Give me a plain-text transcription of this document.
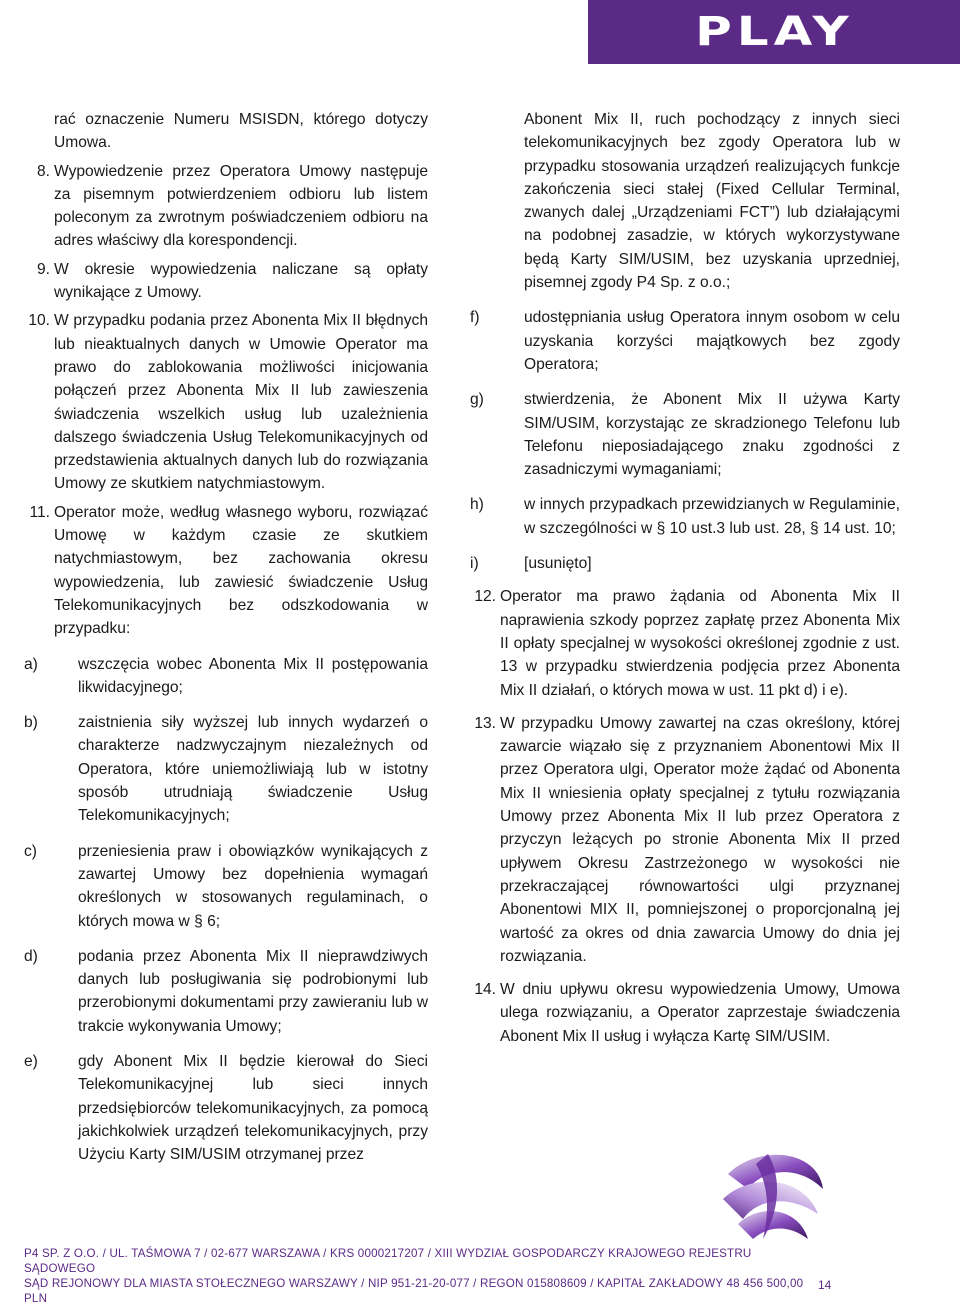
PLAY

rać oznaczenie Numeru MSISDN, którego dotyczy Umowa.

8. Wypowiedzenie przez Operatora Umowy następuje za pisemnym potwierdzeniem odbioru lub listem poleconym za zwrotnym poświadczeniem odbioru na adres właściwy dla korespondencji.
9. W okresie wypowiedzenia naliczane są opłaty wynikające z Umowy.
10. W przypadku podania przez Abonenta Mix II błędnych lub nieaktualnych danych w Umowie Operator ma prawo do zablokowania możliwości inicjowania połączeń przez Abonenta Mix II lub zawieszenia świadczenia wszelkich usług lub uzależnienia dalszego świadczenia Usług Telekomunikacyjnych od przedstawienia aktualnych danych lub do rozwiązania Umowy ze skutkiem natychmiastowym.
11. Operator może, według własnego wyboru, rozwiązać Umowę w każdym czasie ze skutkiem natychmiastowym, bez zachowania okresu wypowiedzenia, lub zawiesić świadczenie Usług Telekomunikacyjnych bez odszkodowania w przypadku:
a)	wszczęcia wobec Abonenta Mix II postępowania likwidacyjnego;
b)	zaistnienia siły wyższej lub innych wydarzeń o charakterze nadzwyczajnym niezależnych od Operatora, które uniemożliwiają lub w istotny sposób utrudniają świadczenie Usług Telekomunikacyjnych;
c)	przeniesienia praw i obowiązków wynikających z zawartej Umowy bez dopełnienia wymagań określonych w stosowanych regulaminach, o których mowa w § 6;
d)	podania przez Abonenta Mix II nieprawdziwych danych lub posługiwania się podrobionymi lub przerobionymi dokumentami przy zawieraniu lub w trakcie wykonywania Umowy;
e)	gdy Abonent Mix II będzie kierował do Sieci Telekomunikacyjnej lub sieci innych przedsiębiorców telekomunikacyjnych, za pomocą jakichkolwiek urządzeń telekomunikacyjnych, przy Użyciu Karty SIM/USIM otrzymanej przez

Abonent Mix II, ruch pochodzący z innych sieci telekomunikacyjnych bez zgody Operatora lub w przypadku stosowania urządzeń realizujących funkcje zakończenia sieci stałej (Fixed Cellular Terminal, zwanych dalej „Urządzeniami FCT”) lub działającymi na podobnej zasadzie, w których wykorzystywane będą Karty SIM/USIM, bez uzyskania uprzedniej, pisemnej zgody P4 Sp. z o.o.;

f)	udostępniania usług Operatora innym osobom w celu uzyskania korzyści majątkowych bez zgody Operatora;
g)	stwierdzenia, że Abonent Mix II używa Karty SIM/USIM, korzystając ze skradzionego Telefonu lub Telefonu nieposiadającego znaku zgodności z zasadniczymi wymaganiami;
h)	w innych przypadkach przewidzianych w Regulaminie, w szczególności w § 10 ust.3 lub ust. 28, § 14 ust. 10;
i)	[usunięto]
12. Operator ma prawo żądania od Abonenta Mix II naprawienia szkody poprzez zapłatę przez Abonenta Mix II opłaty specjalnej w wysokości określonej zgodnie z ust. 13 w przypadku stwierdzenia podjęcia przez Abonenta Mix II działań, o których mowa w ust. 11 pkt d) i e).
13. W przypadku Umowy zawartej na czas określony, której zawarcie wiązało się z przyznaniem Abonentowi Mix II przez Operatora ulgi, Operator może żądać od Abonenta Mix II wniesienia opłaty specjalnej z tytułu rozwiązania Umowy przez Abonenta Mix II lub przez Operatora z przyczyn leżących po stronie Abonenta Mix II przed upływem Okresu Zastrzeżonego w wysokości nie przekraczającej równowartości ulgi przyznanej Abonentowi MIX II, pomniejszonej o proporcjonalną jej wartość za okres od dnia zawarcia Umowy do dnia jej rozwiązania.
14. W dniu upływu okresu wypowiedzenia Umowy, Umowa ulega rozwiązaniu, a Operator zaprzestaje świadczenia Abonent Mix II usług i wyłącza Kartę SIM/USIM.
P4 SP. Z O.O. / UL. TAŚMOWA 7 / 02-677 WARSZAWA / KRS 0000217207 / XIII WYDZIAŁ GOSPODARCZY KRAJOWEGO REJESTRU SĄDOWEGO
SĄD REJONOWY DLA MIASTA STOŁECZNEGO WARSZAWY / NIP 951-21-20-077 / REGON 015808609 / KAPITAŁ ZAKŁADOWY 48 456 500,00 PLN
14
